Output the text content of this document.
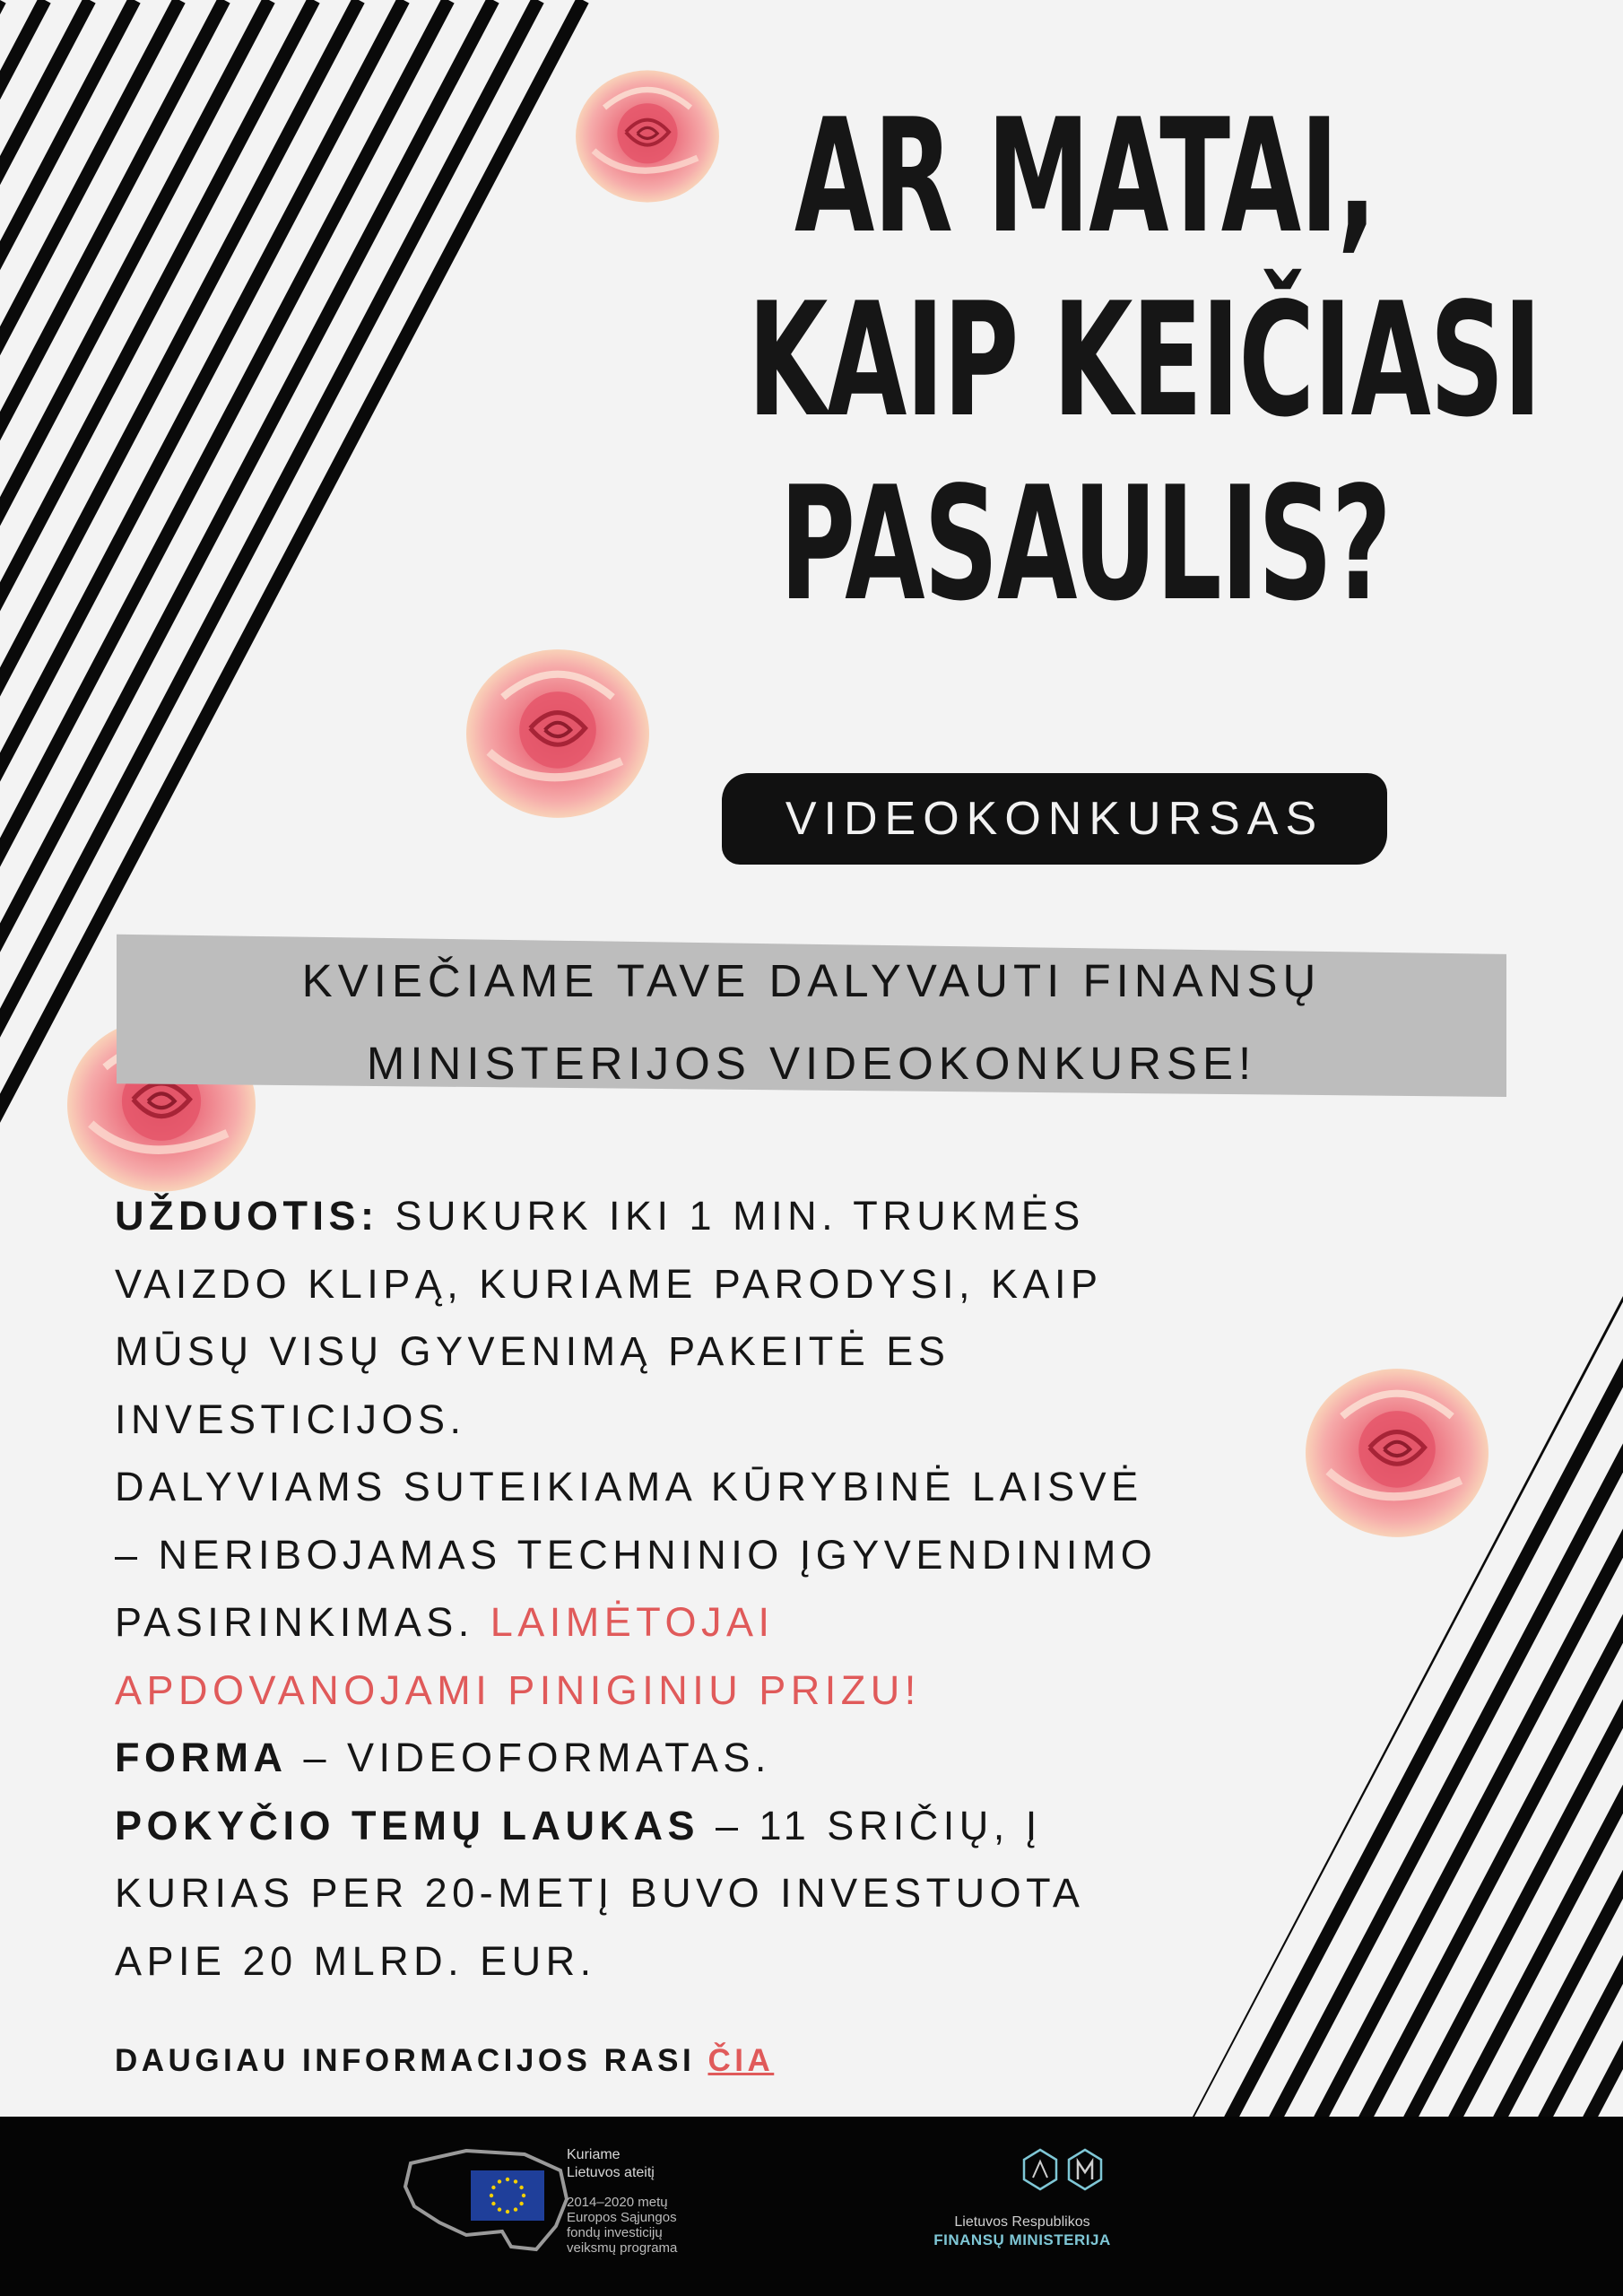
AR MATAI,
KAIP KEIČIASI
PASAULIS?
VIDEOKONKURSAS
KVIEČIAME TAVE DALYVAUTI FINANSŲ
MINISTERIJOS VIDEOKONKURSE!
UŽDUOTIS: SUKURK IKI 1 MIN. TRUKMĖS
VAIZDO KLIPĄ, KURIAME PARODYSI, KAIP
MŪSŲ VISŲ GYVENIMĄ PAKEITĖ ES
INVESTICIJOS.
DALYVIAMS SUTEIKIAMA KŪRYBINĖ LAISVĖ
– NERIBOJAMAS TECHNINIO ĮGYVENDINIMO
PASIRINKIMAS. LAIMĖTOJAI
APDOVANOJAMI PINIGINIU PRIZU!
FORMA – VIDEOFORMATAS.
POKYČIO TEMŲ LAUKAS – 11 SRIČIŲ, Į
KURIAS PER 20-METĮ BUVO INVESTUOTA
APIE 20 MLRD. EUR.
DAUGIAU INFORMACIJOS RASI ČIA
Kuriame
Lietuvos ateitį
2014–2020 metų
Europos Sąjungos
fondų investicijų
veiksmų programa
Lietuvos Respublikos
FINANSŲ MINISTERIJA
